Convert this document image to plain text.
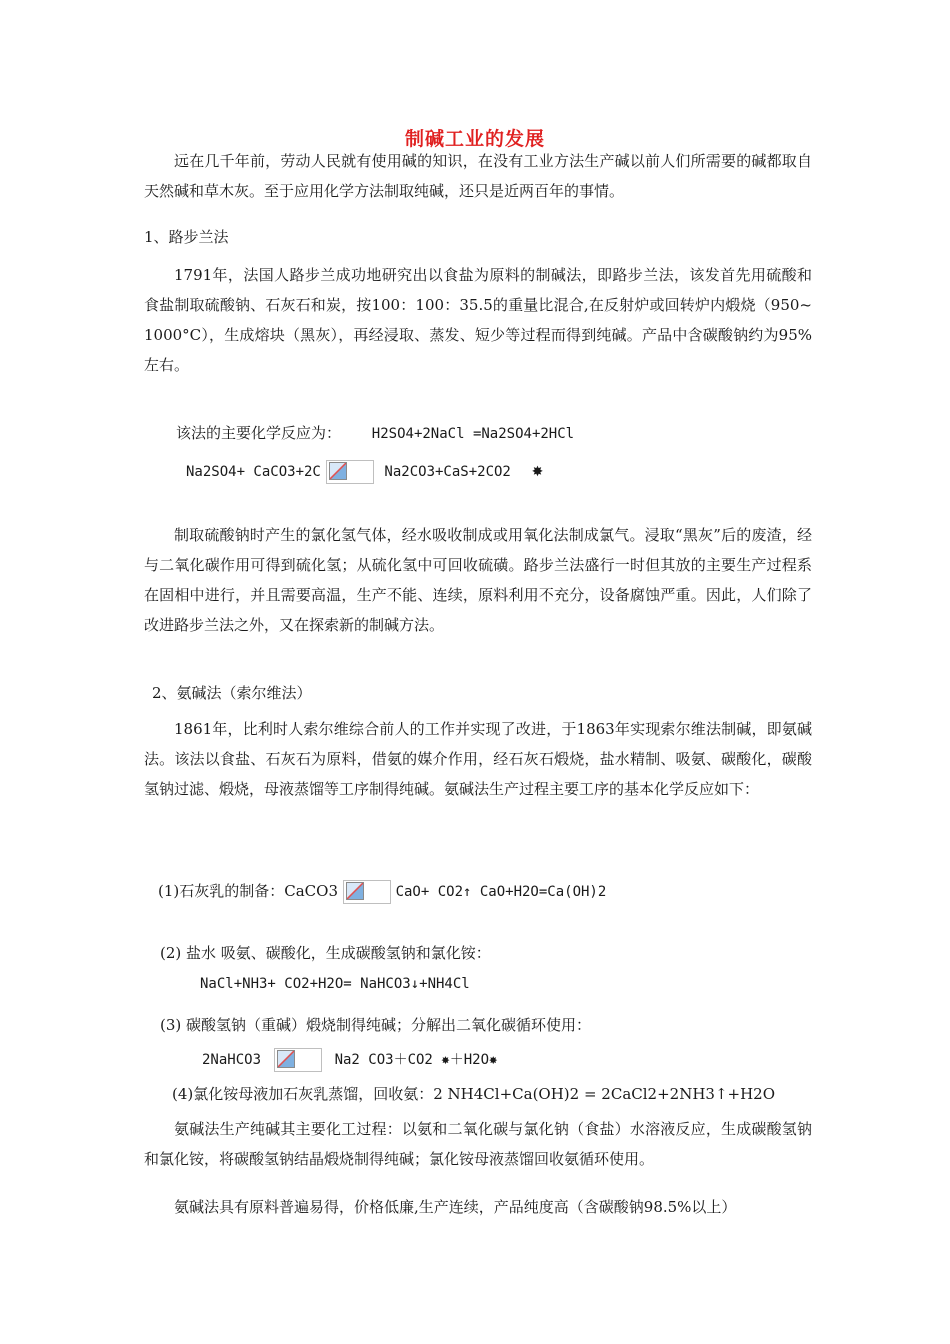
制碱工业的发展
远在几千年前，劳动人民就有使用碱的知识，在没有工业方法生产碱以前人们所需要的碱都取自天然碱和草木灰。至于应用化学方法制取纯碱，还只是近两百年的事情。
1、路步兰法
1791年，法国人路步兰成功地研究出以食盐为原料的制碱法，即路步兰法，该发首先用硫酸和食盐制取硫酸钠、石灰石和炭，按100：100：35.5的重量比混合,在反射炉或回转炉内煅烧（950~1000°C），生成熔块（黑灰），再经浸取、蒸发、短少等过程而得到纯碱。产品中含碳酸钠约为95%左右。
该法的主要化学反应为： H2SO4+2NaCl =Na2SO4+2HCl
Na2SO4+ CaCO3+2C	Na2CO3+CaS+2CO2 ✸
制取硫酸钠时产生的氯化氢气体，经水吸收制成或用氧化法制成氯气。浸取“黑灰”后的废渣，经与二氧化碳作用可得到硫化氢；从硫化氢中可回收硫磺。路步兰法盛行一时但其放的主要生产过程系在固相中进行，并且需要高温，生产不能、连续，原料利用不充分，设备腐蚀严重。因此，人们除了改进路步兰法之外，又在探索新的制碱方法。
2、氨碱法（索尔维法）
1861年，比利时人索尔维综合前人的工作并实现了改进，于1863年实现索尔维法制碱，即氨碱法。该法以食盐、石灰石为原料，借氨的媒介作用，经石灰石煅烧，盐水精制、吸氨、碳酸化，碳酸氢钠过滤、煅烧，母液蒸馏等工序制得纯碱。氨碱法生产过程主要工序的基本化学反应如下：
(1)石灰乳的制备：CaCO3	CaO+ CO2↑ CaO+H2O=Ca(OH)2
(2) 盐水 吸氨、碳酸化，生成碳酸氢钠和氯化铵：
NaCl+NH3+ CO2+H2O= NaHCO3↓+NH4Cl
(3) 碳酸氢钠（重碱）煅烧制得纯碱；分解出二氧化碳循环使用：
2NaHCO3	Na2 CO3＋CO2 ✸＋H2O✸
(4)氯化铵母液加石灰乳蒸馏，回收氨：2 NH4Cl+Ca(OH)2 = 2CaCl2+2NH3↑+H2O
氨碱法生产纯碱其主要化工过程：以氨和二氧化碳与氯化钠（食盐）水溶液反应，生成碳酸氢钠和氯化铵，将碳酸氢钠结晶煅烧制得纯碱；氯化铵母液蒸馏回收氨循环使用。
氨碱法具有原料普遍易得，价格低廉,生产连续，产品纯度高（含碳酸钠98.5%以上）
